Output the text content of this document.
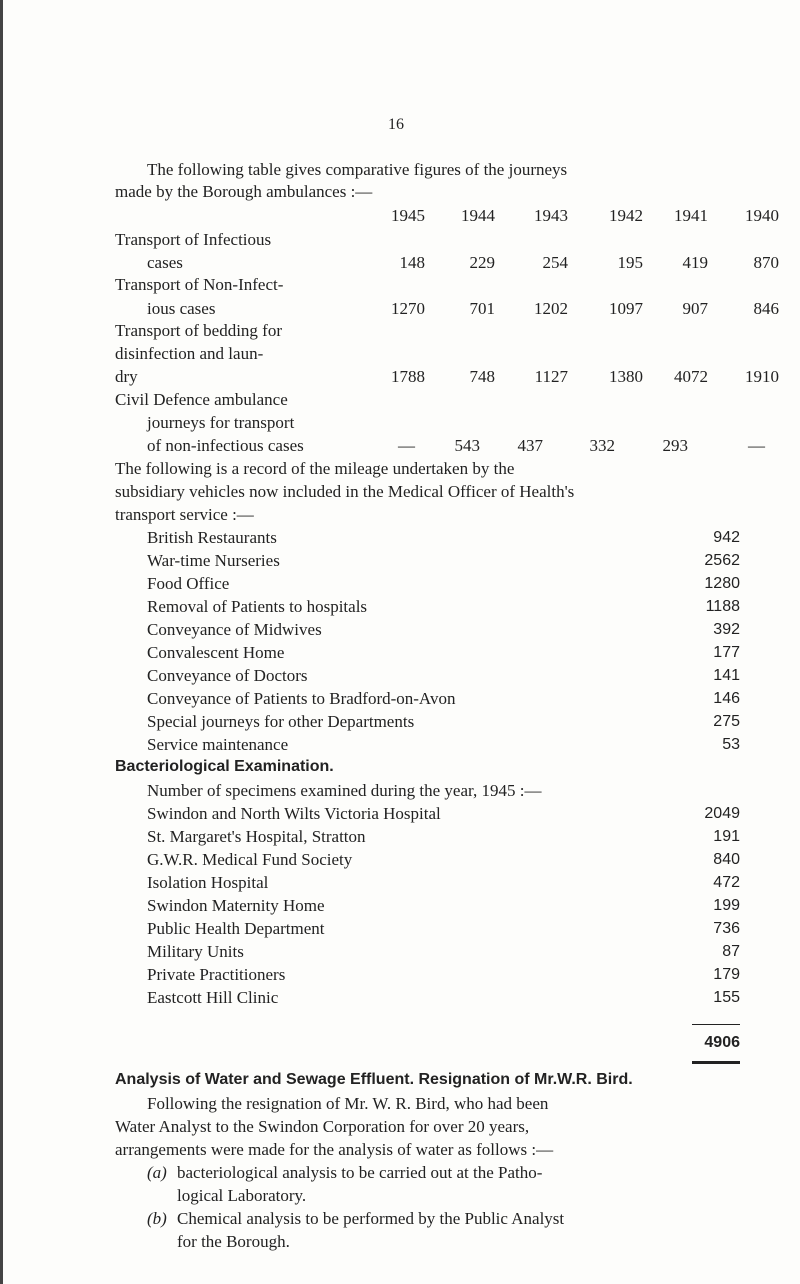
16
The following table gives comparative figures of the journeys
made by the Borough ambulances :—
1945	1944	1943	1942	1941	1940
Transport of Infectious
cases	148	229	254	195	419	870
Transport of Non-Infect-
ious cases	1270	701	1202	1097	907	846
Transport of bedding for
disinfection and laun-
dry	1788	748	1127	1380	4072	1910
Civil Defence ambulance
journeys for transport
of non-infectious cases	—	543	437	332	293	—
The following is a record of the mileage undertaken by the
subsidiary vehicles now included in the Medical Officer of Health's
transport service :—
British Restaurants	942
War-time Nurseries	2562
Food Office	1280
Removal of Patients to hospitals	1188
Conveyance of Midwives	392
Convalescent Home	177
Conveyance of Doctors	141
Conveyance of Patients to Bradford-on-Avon	146
Special journeys for other Departments	275
Service maintenance	53
Bacteriological Examination.
Number of specimens examined during the year, 1945 :—
Swindon and North Wilts Victoria Hospital	2049
St. Margaret's Hospital, Stratton	191
G.W.R. Medical Fund Society	840
Isolation Hospital	472
Swindon Maternity Home	199
Public Health Department	736
Military Units	87
Private Practitioners	179
Eastcott Hill Clinic	155
4906
Analysis of Water and Sewage Effluent. Resignation of Mr.W.R. Bird.
Following the resignation of Mr. W. R. Bird, who had been
Water Analyst to the Swindon Corporation for over 20 years,
arrangements were made for the analysis of water as follows :—
(a) bacteriological analysis to be carried out at the Patho-
logical Laboratory.
(b) Chemical analysis to be performed by the Public Analyst
for the Borough.
